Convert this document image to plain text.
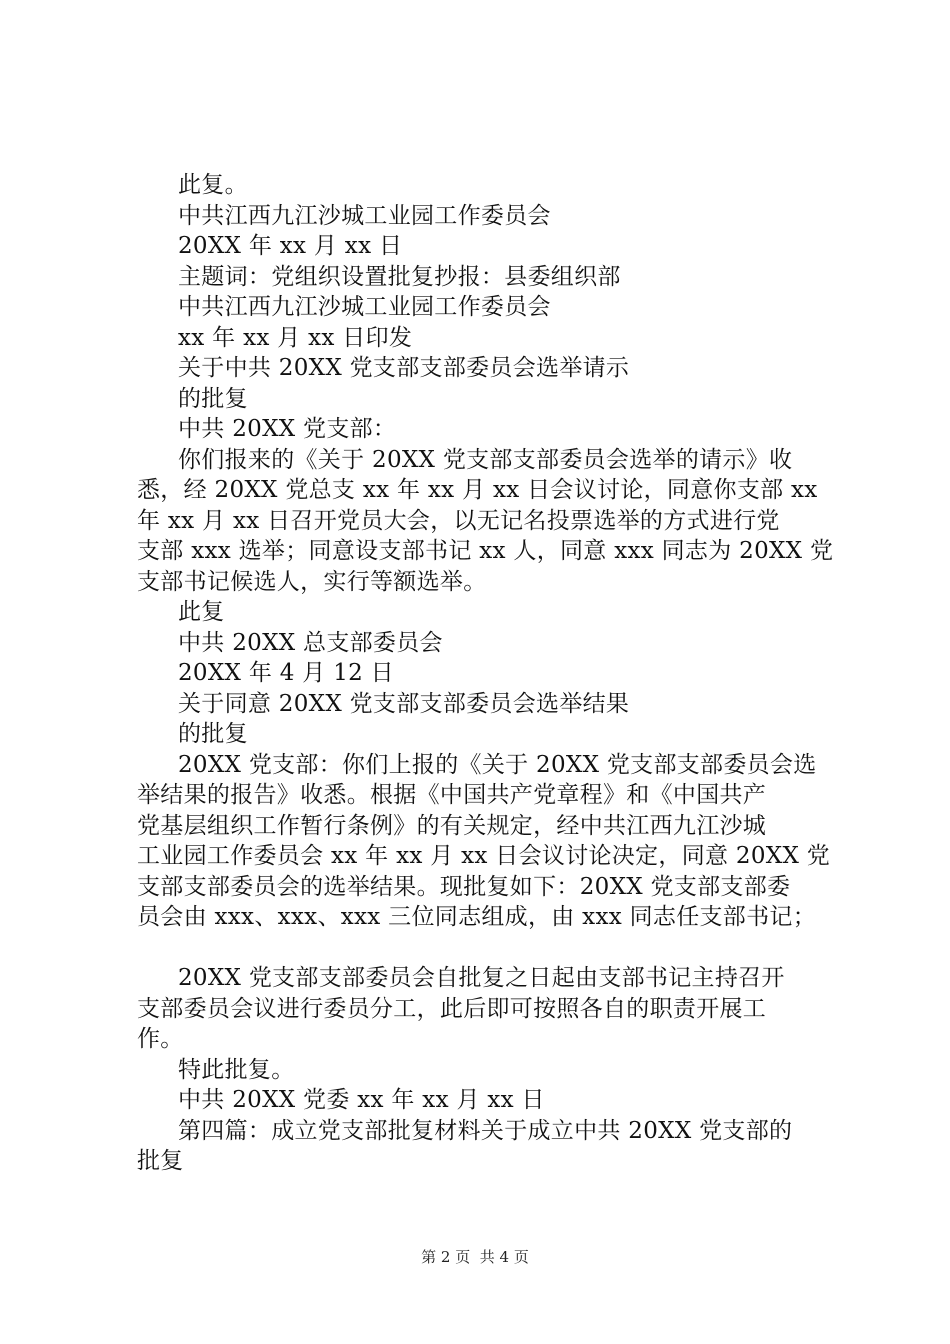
此复。
中共江西九江沙城工业园工作委员会
20XX 年 xx 月 xx 日
主题词：党组织设置批复抄报：县委组织部
中共江西九江沙城工业园工作委员会
xx 年 xx 月 xx 日印发
关于中共 20XX 党支部支部委员会选举请示
的批复
中共 20XX 党支部：
你们报来的《关于 20XX 党支部支部委员会选举的请示》收
悉，经 20XX 党总支 xx 年 xx 月 xx 日会议讨论，同意你支部 xx
年 xx 月 xx 日召开党员大会，以无记名投票选举的方式进行党
支部 xxx 选举；同意设支部书记 xx 人，同意 xxx 同志为 20XX 党
支部书记候选人，实行等额选举。
此复
中共 20XX 总支部委员会
20XX 年 4 月 12 日
关于同意 20XX 党支部支部委员会选举结果
的批复
20XX 党支部：你们上报的《关于 20XX 党支部支部委员会选
举结果的报告》收悉。根据《中国共产党章程》和《中国共产
党基层组织工作暂行条例》的有关规定，经中共江西九江沙城
工业园工作委员会 xx 年 xx 月 xx 日会议讨论决定，同意 20XX 党
支部支部委员会的选举结果。现批复如下：20XX 党支部支部委
员会由 xxx、xxx、xxx 三位同志组成，由 xxx 同志任支部书记；
20XX 党支部支部委员会自批复之日起由支部书记主持召开
支部委员会议进行委员分工，此后即可按照各自的职责开展工
作。
特此批复。
中共 20XX 党委 xx 年 xx 月 xx 日
第四篇：成立党支部批复材料关于成立中共 20XX 党支部的
批复
第 2 页  共 4 页
